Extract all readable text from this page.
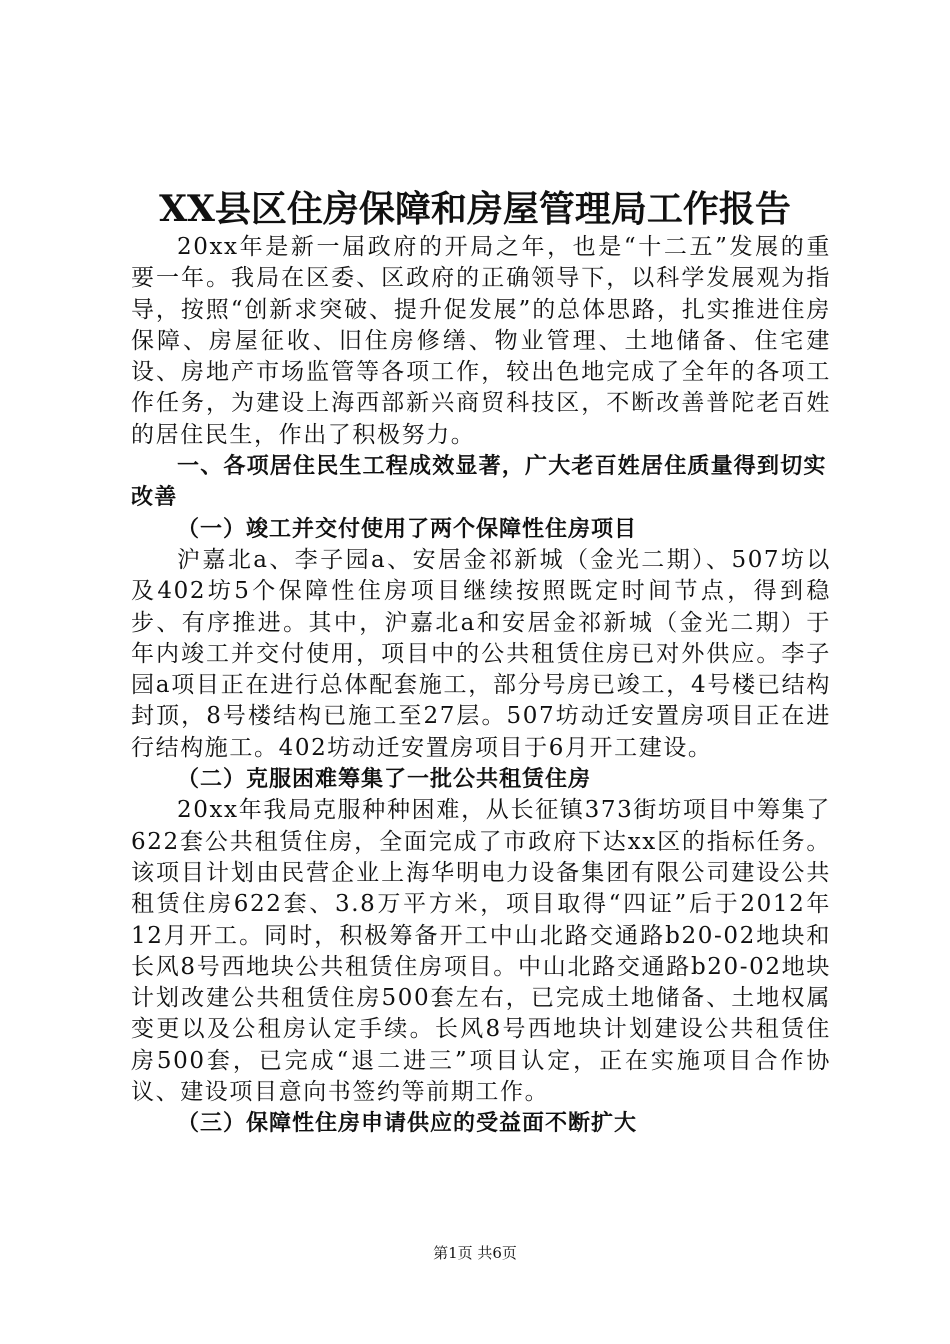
XX县区住房保障和房屋管理局工作报告

20xx年是新一届政府的开局之年，也是“十二五”发展的重要一年。我局在区委、区政府的正确领导下，以科学发展观为指导，按照“创新求突破、提升促发展”的总体思路，扎实推进住房保障、房屋征收、旧住房修缮、物业管理、土地储备、住宅建设、房地产市场监管等各项工作，较出色地完成了全年的各项工作任务，为建设上海西部新兴商贸科技区，不断改善普陀老百姓的居住民生，作出了积极努力。

一、各项居住民生工程成效显著，广大老百姓居住质量得到切实改善

（一）竣工并交付使用了两个保障性住房项目

沪嘉北a、李子园a、安居金祁新城（金光二期）、507坊以及402坊5个保障性住房项目继续按照既定时间节点，得到稳步、有序推进。其中，沪嘉北a和安居金祁新城（金光二期）于年内竣工并交付使用，项目中的公共租赁住房已对外供应。李子园a项目正在进行总体配套施工，部分号房已竣工，4号楼已结构封顶，8号楼结构已施工至27层。507坊动迁安置房项目正在进行结构施工。402坊动迁安置房项目于6月开工建设。

（二）克服困难筹集了一批公共租赁住房

20xx年我局克服种种困难，从长征镇373街坊项目中筹集了622套公共租赁住房，全面完成了市政府下达xx区的指标任务。该项目计划由民营企业上海华明电力设备集团有限公司建设公共租赁住房622套、3.8万平方米，项目取得“四证”后于2012年12月开工。同时，积极筹备开工中山北路交通路b20-02地块和长风8号西地块公共租赁住房项目。中山北路交通路b20-02地块计划改建公共租赁住房500套左右，已完成土地储备、土地权属变更以及公租房认定手续。长风8号西地块计划建设公共租赁住房500套，已完成“退二进三”项目认定，正在实施项目合作协议、建设项目意向书签约等前期工作。

（三）保障性住房申请供应的受益面不断扩大

第1页 共6页
